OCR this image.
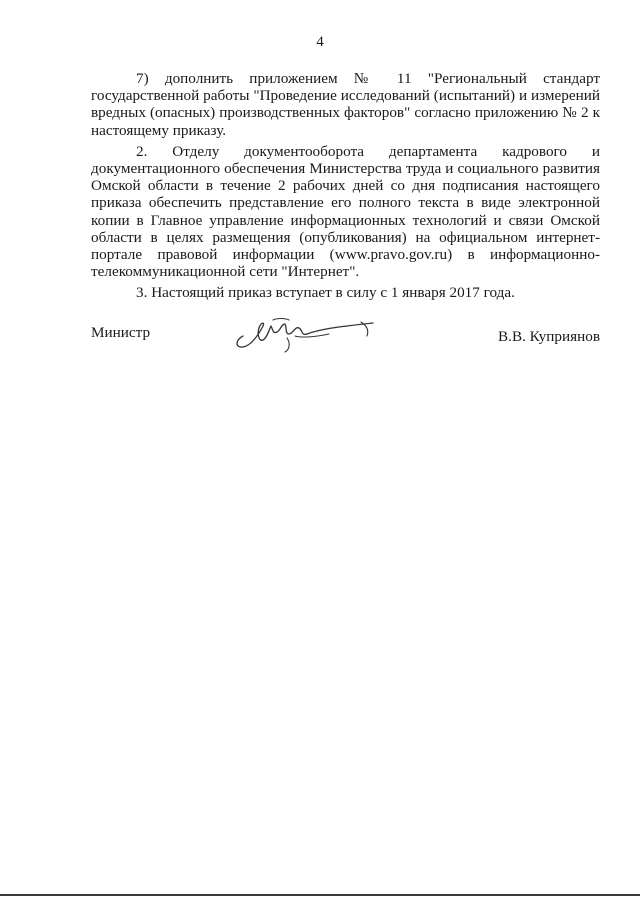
4
7) дополнить приложением № 11 "Региональный стандарт
государственной работы "Проведение исследований (испытаний) и измерений
вредных (опасных) производственных факторов" согласно приложению № 2 к
настоящему приказу.
2. Отделу документооборота департамента кадрового и
документационного обеспечения Министерства труда и социального развития
Омской области в течение 2 рабочих дней со дня подписания настоящего
приказа обеспечить представление его полного текста в виде электронной
копии в Главное управление информационных технологий и связи Омской
области в целях размещения (опубликования) на официальном интернет-
портале правовой информации (www.pravo.gov.ru) в информационно-
телекоммуникационной сети "Интернет".
3. Настоящий приказ вступает в силу с 1 января 2017 года.
Министр	В.В. Куприянов
